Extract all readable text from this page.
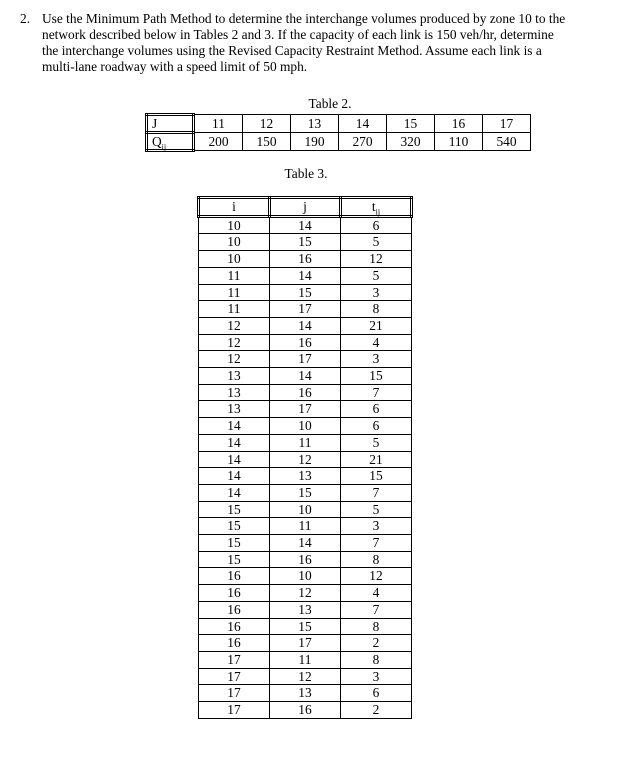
2. Use the Minimum Path Method to determine the interchange volumes produced by zone 10 to the
network described below in Tables 2 and 3. If the capacity of each link is 150 veh/hr, determine
the interchange volumes using the Revised Capacity Restraint Method. Assume each link is a
multi-lane roadway with a speed limit of 50 mph.
Table 2.
J	11	12	13	14	15	16	17
$Q_{ij}$	200	150	190	270	320	110	540
Table 3.
i	j	$t_{ij}$
10	14	6
10	15	5
10	16	12
11	14	5
11	15	3
11	17	8
12	14	21
12	16	4
12	17	3
13	14	15
13	16	7
13	17	6
14	10	6
14	11	5
14	12	21
14	13	15
14	15	7
15	10	5
15	11	3
15	14	7
15	16	8
16	10	12
16	12	4
16	13	7
16	15	8
16	17	2
17	11	8
17	12	3
17	13	6
17	16	2
